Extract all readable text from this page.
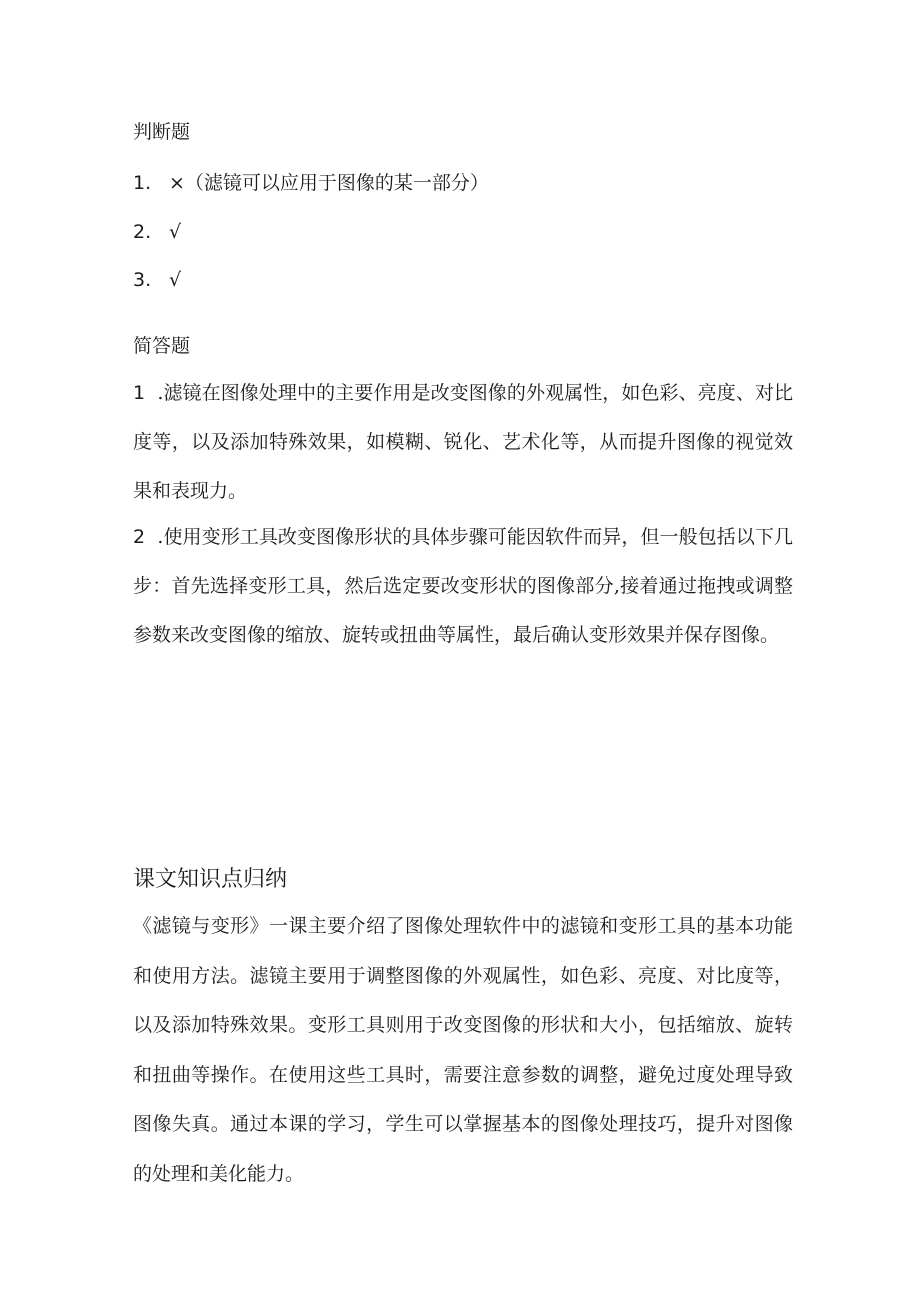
判断题

1. ×（滤镜可以应用于图像的某一部分）

2. √

3. √

简答题

1 .滤镜在图像处理中的主要作用是改变图像的外观属性，如色彩、亮度、对比度等，以及添加特殊效果，如模糊、锐化、艺术化等，从而提升图像的视觉效果和表现力。

2 .使用变形工具改变图像形状的具体步骤可能因软件而异，但一般包括以下几步：首先选择变形工具，然后选定要改变形状的图像部分,接着通过拖拽或调整参数来改变图像的缩放、旋转或扭曲等属性，最后确认变形效果并保存图像。

课文知识点归纳

《滤镜与变形》一课主要介绍了图像处理软件中的滤镜和变形工具的基本功能和使用方法。滤镜主要用于调整图像的外观属性，如色彩、亮度、对比度等，以及添加特殊效果。变形工具则用于改变图像的形状和大小，包括缩放、旋转和扭曲等操作。在使用这些工具时，需要注意参数的调整，避免过度处理导致图像失真。通过本课的学习，学生可以掌握基本的图像处理技巧，提升对图像的处理和美化能力。
